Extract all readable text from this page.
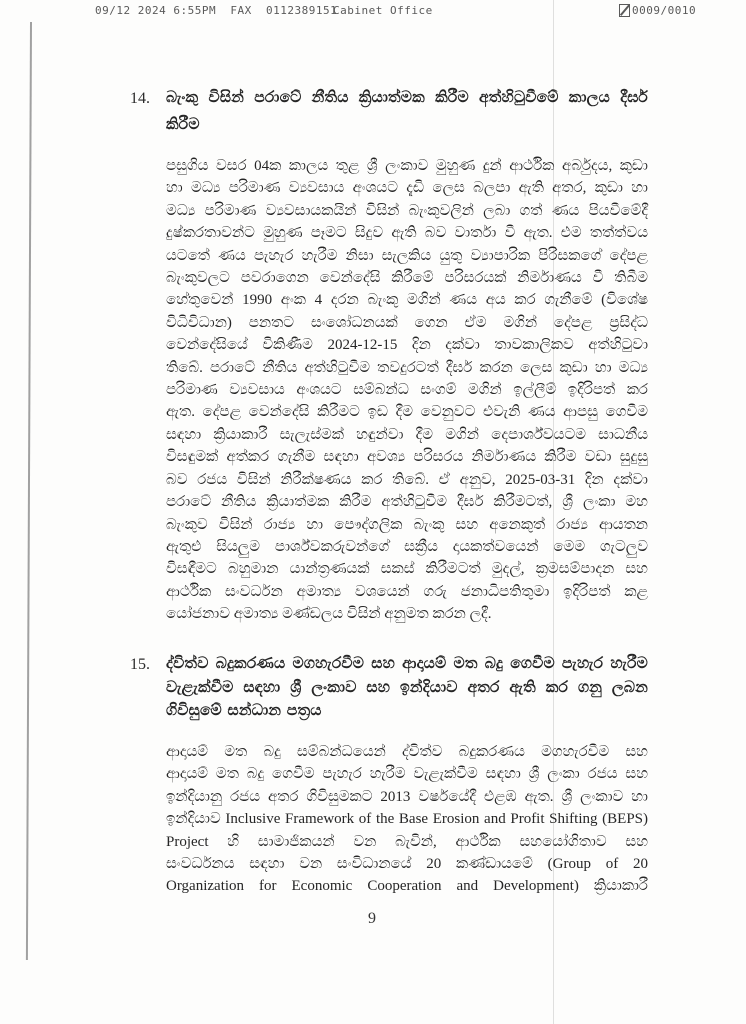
09/12 2024 6:55PM FAX 0112389151
Cabinet Office	0009/0010
14. බැංකු විසින් පරාටේ නීතිය ක්‍රියාත්මක කිරීම අත්හිටුවීමේ කාලය දීර්ඝ
කිරීම
පසුගිය වසර 04ක කාලය තුළ ශ්‍රී ලංකාව මුහුණ දුන් ආර්ථික අර්බුදය, කුඩා
හා මධ්‍ය පරිමාණ ව්‍යවසාය අංශයට දැඩි ලෙස බලපා ඇති අතර, කුඩා හා
මධ්‍ය පරිමාණ ව්‍යවසායකයින් විසින් බැංකුවලින් ලබා ගත් ණය පියවීමේදී
දුෂ්කරතාවන්ට මුහුණ පෑමට සිදුව ඇති බව වාර්තා වී ඇත. එම තත්ත්වය
යටතේ ණය පැහැර හැරීම නිසා සැලකිය යුතු ව්‍යාපාරික පිරිසකගේ දේපළ
බැංකුවලට පවරාගෙන වෙන්දේසි කිරීමේ පරිසරයක් නිර්මාණය වී තිබීම
හේතුවෙන් 1990 අංක 4 දරන බැංකු මගින් ණය අය කර ගැනීමේ (විශේෂ
විධිවිධාන) පනතට සංශෝධනයක් ගෙන ඒම මගින් දේපළ ප්‍රසිද්ධ
වෙන්දේසියේ විකිණීම 2024-12-15 දින දක්වා තාවකාලිකව අත්හිටුවා
තිබේ. පරාටේ නීතිය අත්හිටුවීම තවදුරටත් දීර්ඝ කරන ලෙස කුඩා හා මධ්‍ය
පරිමාණ ව්‍යවසාය අංශයට සම්බන්ධ සංගම් මගින් ඉල්ලීම් ඉදිරිපත් කර
ඇත. දේපළ වෙන්දේසි කිරීමට ඉඩ දීම වෙනුවට එවැනි ණය ආපසු ගෙවීම
සඳහා ක්‍රියාකාරී සැලැස්මක් හඳුන්වා දීම මගින් දෙපාර්ශ්වයටම සාධනීය
විසඳුමක් අත්කර ගැනීම සඳහා අවශ්‍ය පරිසරය නිර්මාණය කිරීම වඩා සුදුසු
බව රජය විසින් නිරීක්ෂණය කර තිබේ. ඒ අනුව, 2025-03-31 දින දක්වා
පරාටේ නීතිය ක්‍රියාත්මක කිරීම අත්හිටුවීම දීර්ඝ කිරීමටත්, ශ්‍රී ලංකා මහ
බැංකුව විසින් රාජ්‍ය හා පෞද්ගලික බැංකු සහ අනෙකුත් රාජ්‍ය ආයතන
ඇතුළු සියලුම පාර්ශ්වකරුවන්ගේ සක්‍රීය දායකත්වයෙන් මෙම ගැටලුව
විසඳීමට බහුමාන යාන්ත්‍රණයක් සකස් කිරීමටත් මුදල්, ක්‍රමසම්පාදන සහ
ආර්ථික සංවර්ධන අමාත්‍ය වශයෙන් ගරු ජනාධිපතිතුමා ඉදිරිපත් කළ
යෝජනාව අමාත්‍ය මණ්ඩලය විසින් අනුමත කරන ලදී.
15. ද්විත්ව බදුකරණය මගහැරවීම සහ ආදායම් මත බදු ගෙවීම පැහැර හැරීම
වැළැක්වීම සඳහා ශ්‍රී ලංකාව සහ ඉන්දියාව අතර ඇති කර ගනු ලබන
ගිවිසුමේ සන්ධාන පත්‍රය
ආදායම් මත බදු සම්බන්ධයෙන් ද්විත්ව බදුකරණය මගහැරවීම සහ
ආදායම් මත බදු ගෙවීම පැහැර හැරීම වැළැක්වීම සඳහා ශ්‍රී ලංකා රජය සහ
ඉන්දියානු රජය අතර ගිවිසුමකට 2013 වර්ෂයේදී එළඹ ඇත. ශ්‍රී ලංකාව හා
ඉන්දියාව Inclusive Framework of the Base Erosion and Profit Shifting (BEPS)
Project හි සාමාජිකයන් වන බැවින්, ආර්ථික සහයෝගිතාව සහ
සංවර්ධනය සඳහා වන සංවිධානයේ 20 කණ්ඩායමේ (Group of 20
Organization for Economic Cooperation and Development) ක්‍රියාකාරී
9
